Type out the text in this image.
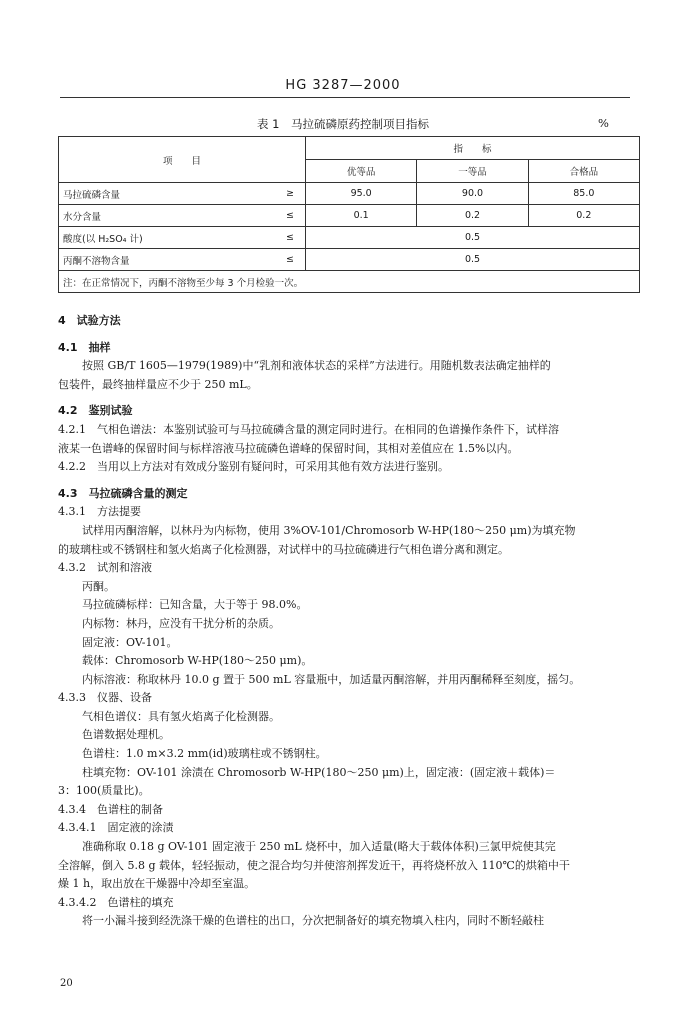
HG 3287—2000
表 1　马拉硫磷原药控制项目指标	%
项　　目		指　　标		
		优等品	一等品	合格品
马拉硫磷含量	≥	95.0	90.0	85.0
水分含量	≤	0.1	0.2	0.2
酸度(以 H₂SO₄ 计)	≤	0.5		
丙酮不溶物含量	≤	0.5		
注：在正常情况下，丙酮不溶物至少每 3 个月检验一次。				

4　试验方法

4.1　抽样

按照 GB/T 1605—1979(1989)中“乳剂和液体状态的采样”方法进行。用随机数表法确定抽样的

包装件，最终抽样量应不少于 250 mL。

4.2　鉴别试验

4.2.1　气相色谱法：本鉴别试验可与马拉硫磷含量的测定同时进行。在相同的色谱操作条件下，试样溶

液某一色谱峰的保留时间与标样溶液马拉硫磷色谱峰的保留时间，其相对差值应在 1.5%以内。

4.2.2　当用以上方法对有效成分鉴别有疑问时，可采用其他有效方法进行鉴别。

4.3　马拉硫磷含量的测定

4.3.1　方法提要

试样用丙酮溶解，以林丹为内标物，使用 3%OV-101/Chromosorb W-HP(180～250 μm)为填充物

的玻璃柱或不锈钢柱和氢火焰离子化检测器，对试样中的马拉硫磷进行气相色谱分离和测定。

4.3.2　试剂和溶液

丙酮。

马拉硫磷标样：已知含量，大于等于 98.0%。

内标物：林丹，应没有干扰分析的杂质。

固定液：OV-101。

载体：Chromosorb W-HP(180～250 μm)。

内标溶液：称取林丹 10.0 g 置于 500 mL 容量瓶中，加适量丙酮溶解，并用丙酮稀释至刻度，摇匀。

4.3.3　仪器、设备

气相色谱仪：具有氢火焰离子化检测器。

色谱数据处理机。

色谱柱：1.0 m×3.2 mm(id)玻璃柱或不锈钢柱。

柱填充物：OV-101 涂渍在 Chromosorb W-HP(180～250 μm)上，固定液：(固定液＋载体)＝

3：100(质量比)。

4.3.4　色谱柱的制备

4.3.4.1　固定液的涂渍

准确称取 0.18 g OV-101 固定液于 250 mL 烧杯中，加入适量(略大于载体体积)三氯甲烷使其完

全溶解，倒入 5.8 g 载体，轻轻振动，使之混合均匀并使溶剂挥发近干，再将烧杯放入 110℃的烘箱中干

燥 1 h，取出放在干燥器中冷却至室温。

4.3.4.2　色谱柱的填充

将一小漏斗接到经洗涤干燥的色谱柱的出口，分次把制备好的填充物填入柱内，同时不断轻敲柱

20
